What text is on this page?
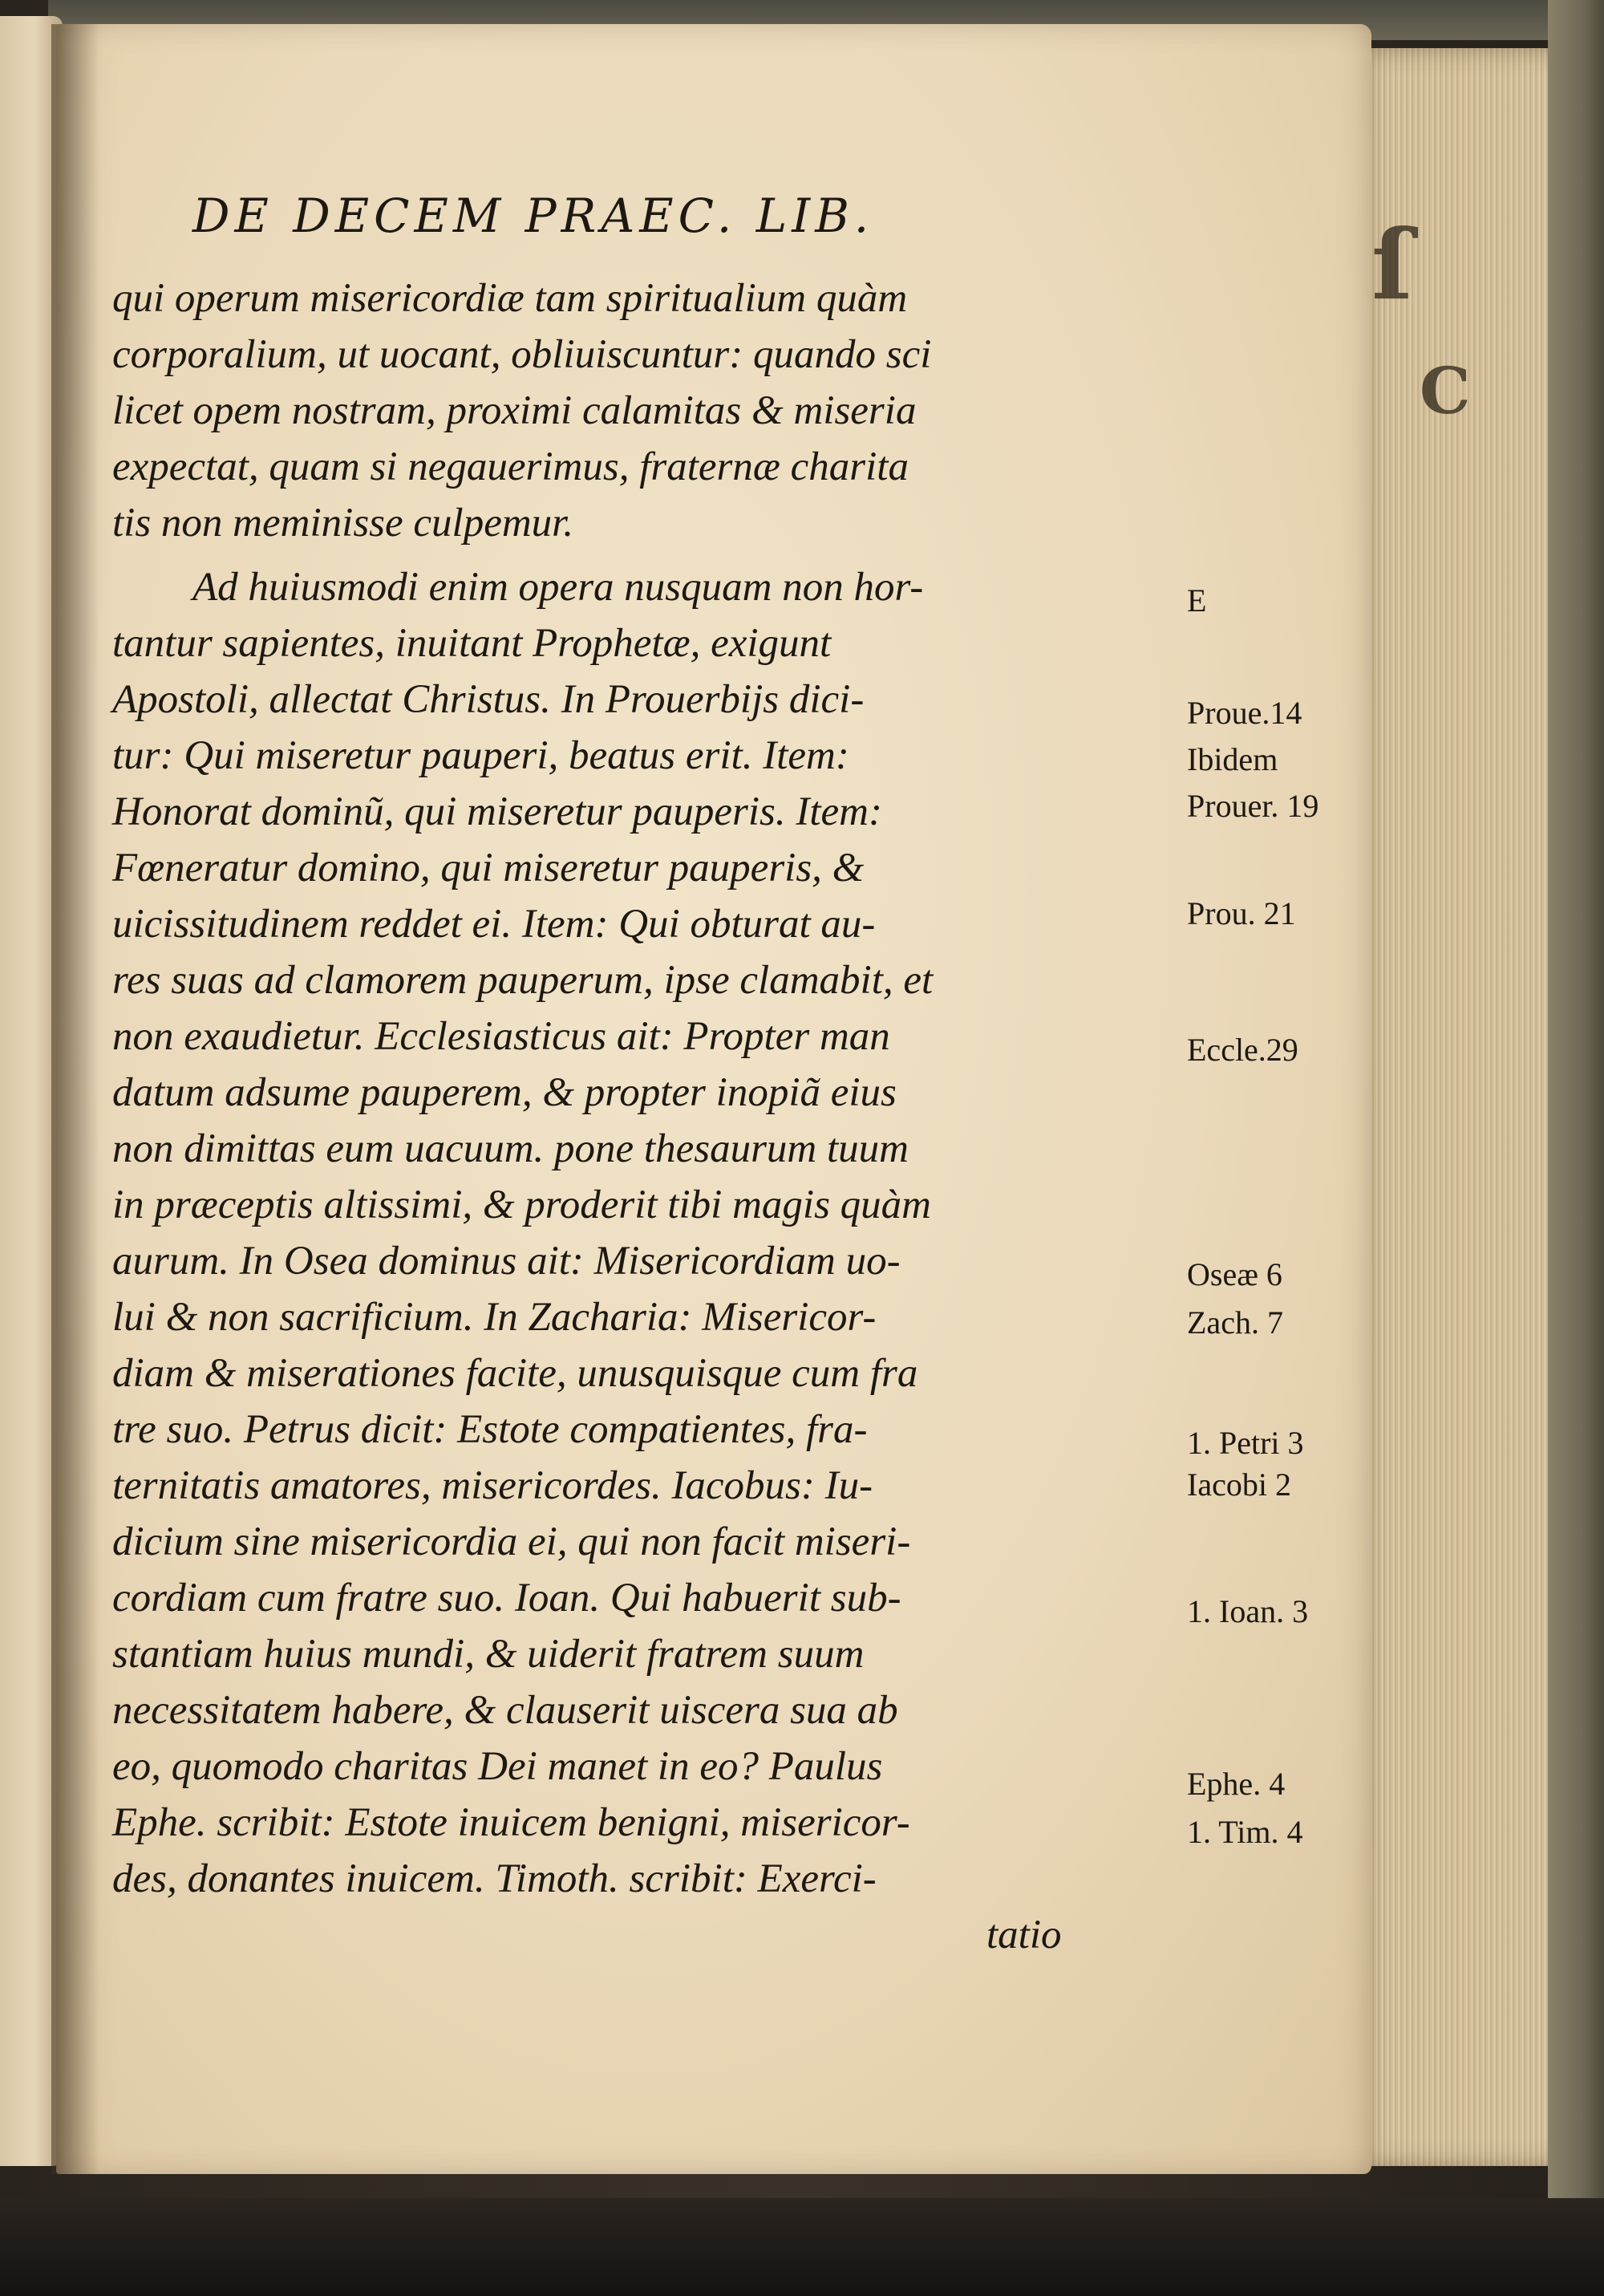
ſ
C
DE DECEM PRAEC. LIB.
qui operum misericordiæ tam spiritualium quàm
corporalium, ut uocant, obliuiscuntur: quando sci
licet opem nostram, proximi calamitas & miseria
expectat, quam si negauerimus, fraternæ charita
tis non meminisse culpemur.
Ad huiusmodi enim opera nusquam non hor-
tantur sapientes, inuitant Prophetæ, exigunt
Apostoli, allectat Christus. In Prouerbijs dici-
tur: Qui miseretur pauperi, beatus erit. Item:
Honorat dominũ, qui miseretur pauperis. Item:
Fœneratur domino, qui miseretur pauperis, &
uicissitudinem reddet ei. Item: Qui obturat au-
res suas ad clamorem pauperum, ipse clamabit, et
non exaudietur. Ecclesiasticus ait: Propter man
datum adsume pauperem, & propter inopiã eius
non dimittas eum uacuum. pone thesaurum tuum
in præceptis altissimi, & proderit tibi magis quàm
aurum. In Osea dominus ait: Misericordiam uo-
lui & non sacrificium. In Zacharia: Misericor-
diam & miserationes facite, unusquisque cum fra
tre suo. Petrus dicit: Estote compatientes, fra-
ternitatis amatores, misericordes. Iacobus: Iu-
dicium sine misericordia ei, qui non facit miseri-
cordiam cum fratre suo. Ioan. Qui habuerit sub-
stantiam huius mundi, & uiderit fratrem suum
necessitatem habere, & clauserit uiscera sua ab
eo, quomodo charitas Dei manet in eo? Paulus
Ephe. scribit: Estote inuicem benigni, misericor-
des, donantes inuicem. Timoth. scribit: Exerci-
tatio
E
Proue.14
Ibidem
Prouer. 19
Prou. 21
Eccle.29
Oseæ 6
Zach. 7
1. Petri 3
Iacobi 2
1. Ioan. 3
Ephe. 4
1. Tim. 4
